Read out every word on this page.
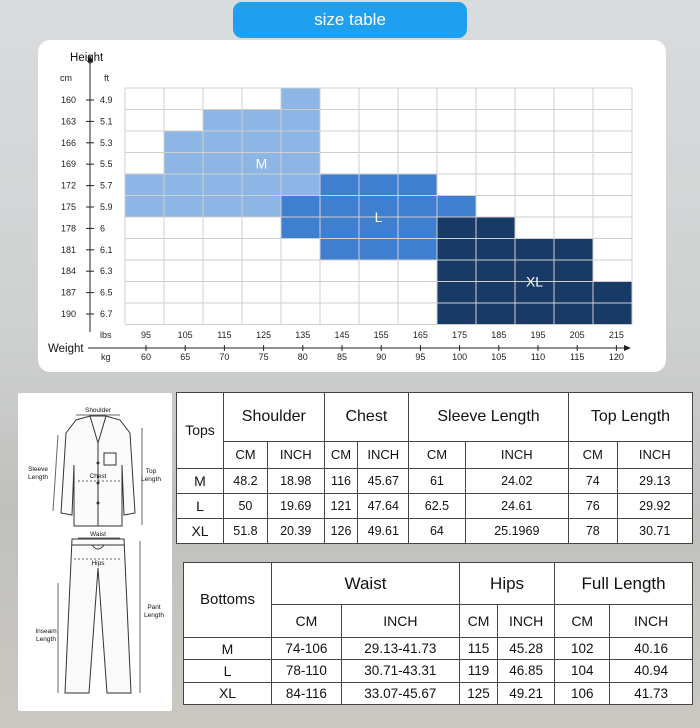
size table
M
L
XL
Height
cm	ft
160	4.9
163	5.1
166	5.3
169	5.5
172	5.7
175	5.9
178	6
181	6.1
184	6.3
187	6.5
190	6.7
Weight
lbs
kg
95
60
105
65
115
70
125
75
135
80
145
85
155
90
165
95
175
100
185
105
195
110
205
115
215
120
Shoulder
Chest
Sleeve Length
Top Length
Waist
Hips
Inseam Length
Pant Length
Tops	Shoulder		Chest		Sleeve Length		Top Length	
	CM	INCH	CM	INCH	CM	INCH	CM	INCH
M	48.2	18.98	116	45.67	61	24.02	74	29.13
L	50	19.69	121	47.64	62.5	24.61	76	29.92
XL	51.8	20.39	126	49.61	64	25.1969	78	30.71
Bottoms	Waist		Hips		Full Length	
	CM	INCH	CM	INCH	CM	INCH
M	74-106	29.13-41.73	115	45.28	102	40.16
L	78-110	30.71-43.31	119	46.85	104	40.94
XL	84-116	33.07-45.67	125	49.21	106	41.73
